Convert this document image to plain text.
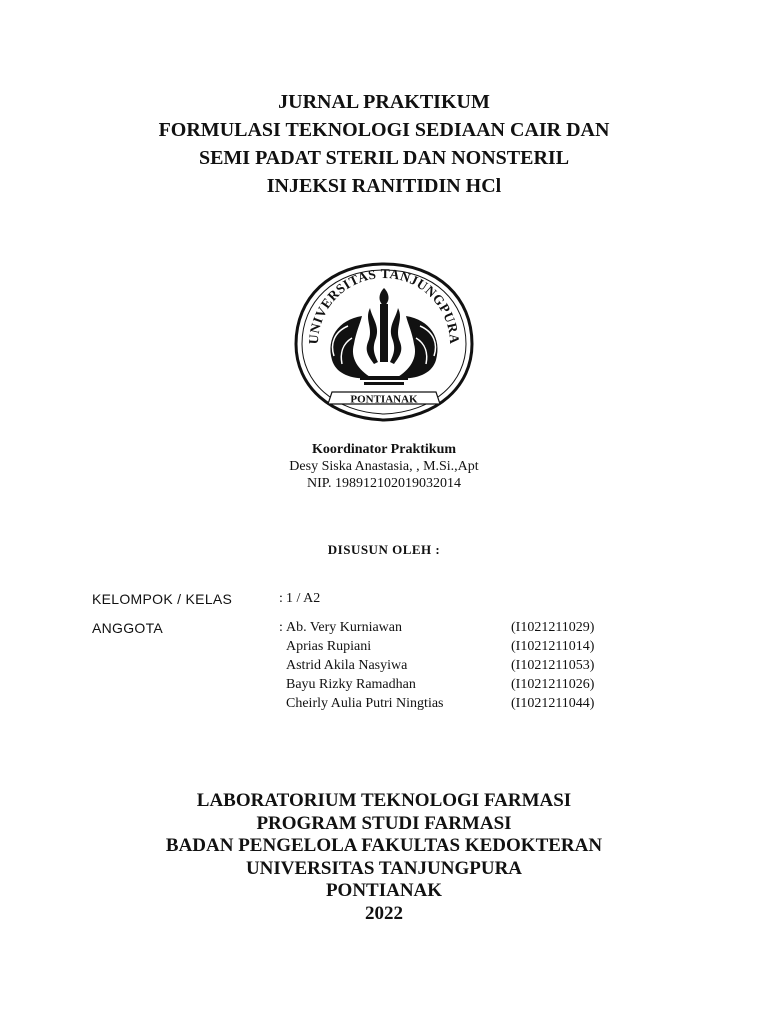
JURNAL PRAKTIKUM
FORMULASI TEKNOLOGI SEDIAAN CAIR DAN
SEMI PADAT STERIL DAN NONSTERIL
INJEKSI RANITIDIN HCl
UNIVERSITAS TANJUNGPURA
PONTIANAK
Koordinator Praktikum
Desy Siska Anastasia, , M.Si.,Apt
NIP. 198912102019032014
DISUSUN OLEH :
KELOMPOK / KELAS	: 1 / A2
ANGGOTA	: Ab. Very Kurniawan	(I1021211029)
Aprias Rupiani	(I1021211014)
Astrid Akila Nasyiwa	(I1021211053)
Bayu Rizky Ramadhan	(I1021211026)
Cheirly Aulia Putri Ningtias	(I1021211044)
LABORATORIUM TEKNOLOGI FARMASI
PROGRAM STUDI FARMASI
BADAN PENGELOLA FAKULTAS KEDOKTERAN
UNIVERSITAS TANJUNGPURA
PONTIANAK
2022
